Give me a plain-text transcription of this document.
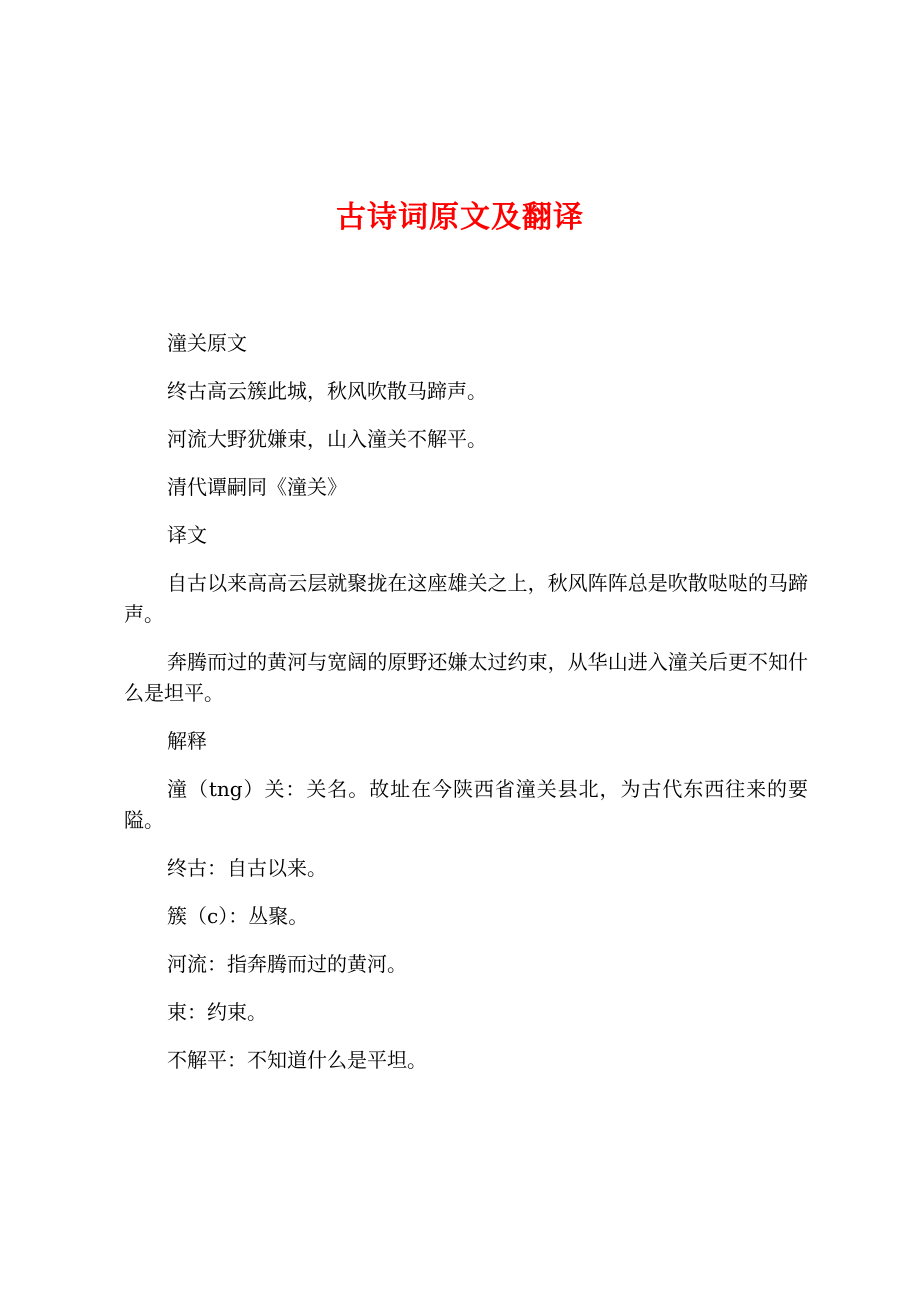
古诗词原文及翻译

潼关原文

终古高云簇此城，秋风吹散马蹄声。

河流大野犹嫌束，山入潼关不解平。

清代谭嗣同《潼关》

译文

自古以来高高云层就聚拢在这座雄关之上，秋风阵阵总是吹散哒哒的马蹄声。

奔腾而过的黄河与宽阔的原野还嫌太过约束，从华山进入潼关后更不知什么是坦平。

解释

潼（tng）关：关名。故址在今陕西省潼关县北，为古代东西往来的要隘。

终古：自古以来。

簇（c）：丛聚。

河流：指奔腾而过的黄河。

束：约束。

不解平：不知道什么是平坦。
